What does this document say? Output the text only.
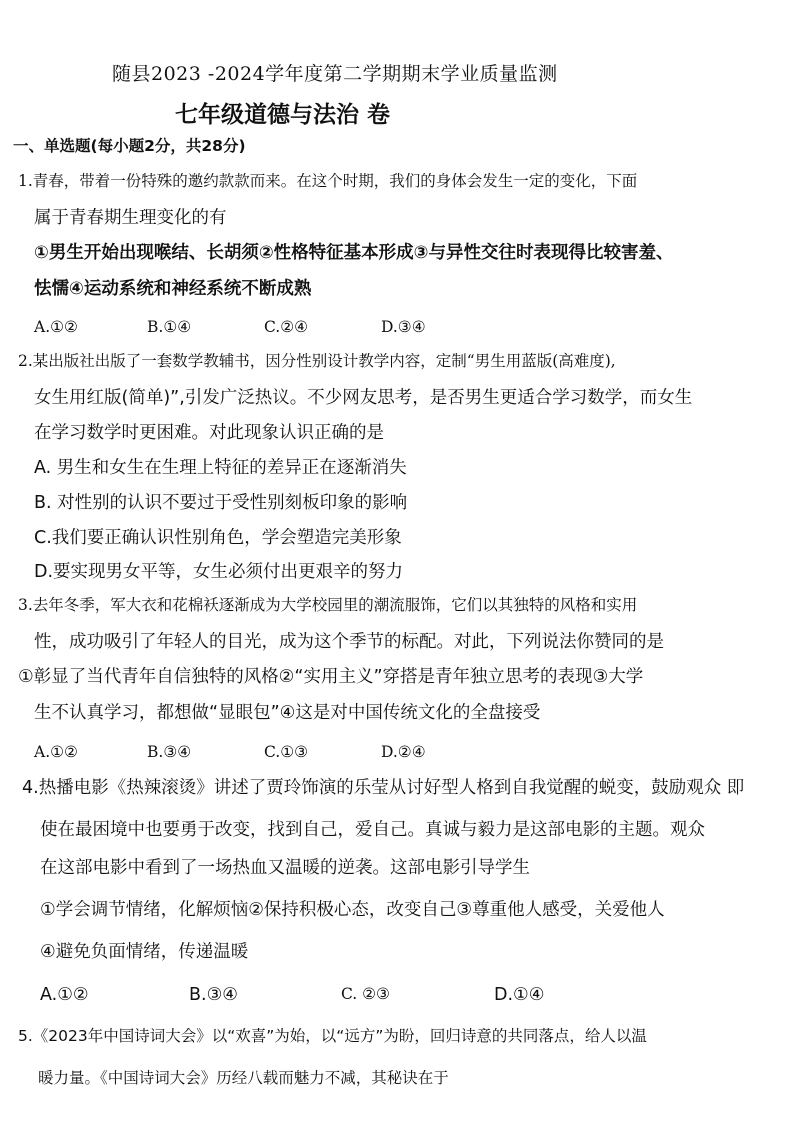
随县2023 -2024学年度第二学期期末学业质量监测
七年级道德与法治 卷
一、单选题(每小题2分，共28分)
1.青春，带着一份特殊的邀约款款而来。在这个时期，我们的身体会发生一定的变化，下面
属于青春期生理变化的有
①男生开始出现喉结、长胡须②性格特征基本形成③与异性交往时表现得比较害羞、
怯懦④运动系统和神经系统不断成熟
A.①②	B.①④	C.②④	D.③④
2.某出版社出版了一套数学教辅书，因分性别设计教学内容，定制“男生用蓝版(高难度),
女生用红版(简单)”,引发广泛热议。不少网友思考，是否男生更适合学习数学，而女生
在学习数学时更困难。对此现象认识正确的是
A. 男生和女生在生理上特征的差异正在逐渐消失
B. 对性别的认识不要过于受性别刻板印象的影响
C.我们要正确认识性别角色，学会塑造完美形象
D.要实现男女平等，女生必须付出更艰辛的努力
3.去年冬季，军大衣和花棉袄逐渐成为大学校园里的潮流服饰，它们以其独特的风格和实用
性，成功吸引了年轻人的目光，成为这个季节的标配。对此，下列说法你赞同的是
①彰显了当代青年自信独特的风格②“实用主义”穿搭是青年独立思考的表现③大学
生不认真学习，都想做“显眼包”④这是对中国传统文化的全盘接受
A.①②	B.③④	C.①③	D.②④
4.热播电影《热辣滚烫》讲述了贾玲饰演的乐莹从讨好型人格到自我觉醒的蜕变，鼓励观众 即
使在最困境中也要勇于改变，找到自己，爱自己。真诚与毅力是这部电影的主题。观众
在这部电影中看到了一场热血又温暖的逆袭。这部电影引导学生
①学会调节情绪，化解烦恼②保持积极心态，改变自己③尊重他人感受，关爱他人
④避免负面情绪，传递温暖
A.①②	B.③④	C. ②③	D.①④
5.《2023年中国诗词大会》以“欢喜”为始，以“远方”为盼，回归诗意的共同落点，给人以温
暖力量。《中国诗词大会》历经八载而魅力不减，其秘诀在于
